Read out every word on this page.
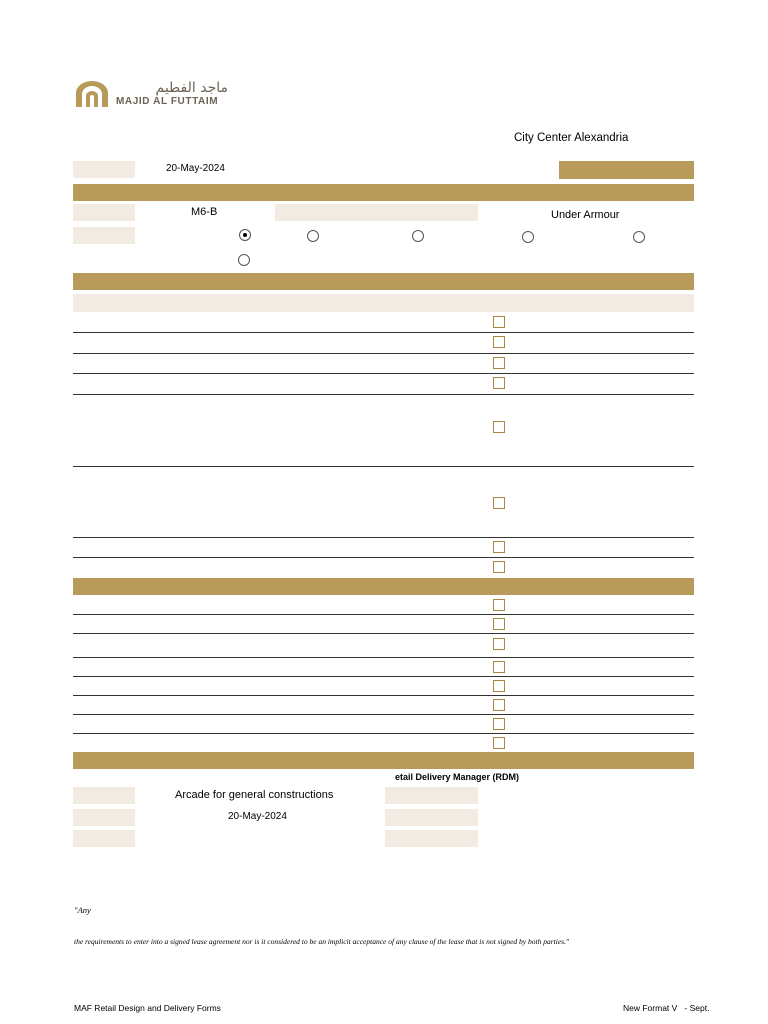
ماجد الفطيم
MAJID AL FUTTAIM
City Center Alexandria
20-May-2024
M6-B	Under Armour
etail Delivery Manager (RDM)
Arcade for general constructions
20-May-2024
"Any
the requirements to enter into a signed lease agreement nor is it considered to be an implicit acceptance of any clause of the lease that is not signed by both parties."
MAF Retail Design and Delivery Forms	New Format V   - Sept.
